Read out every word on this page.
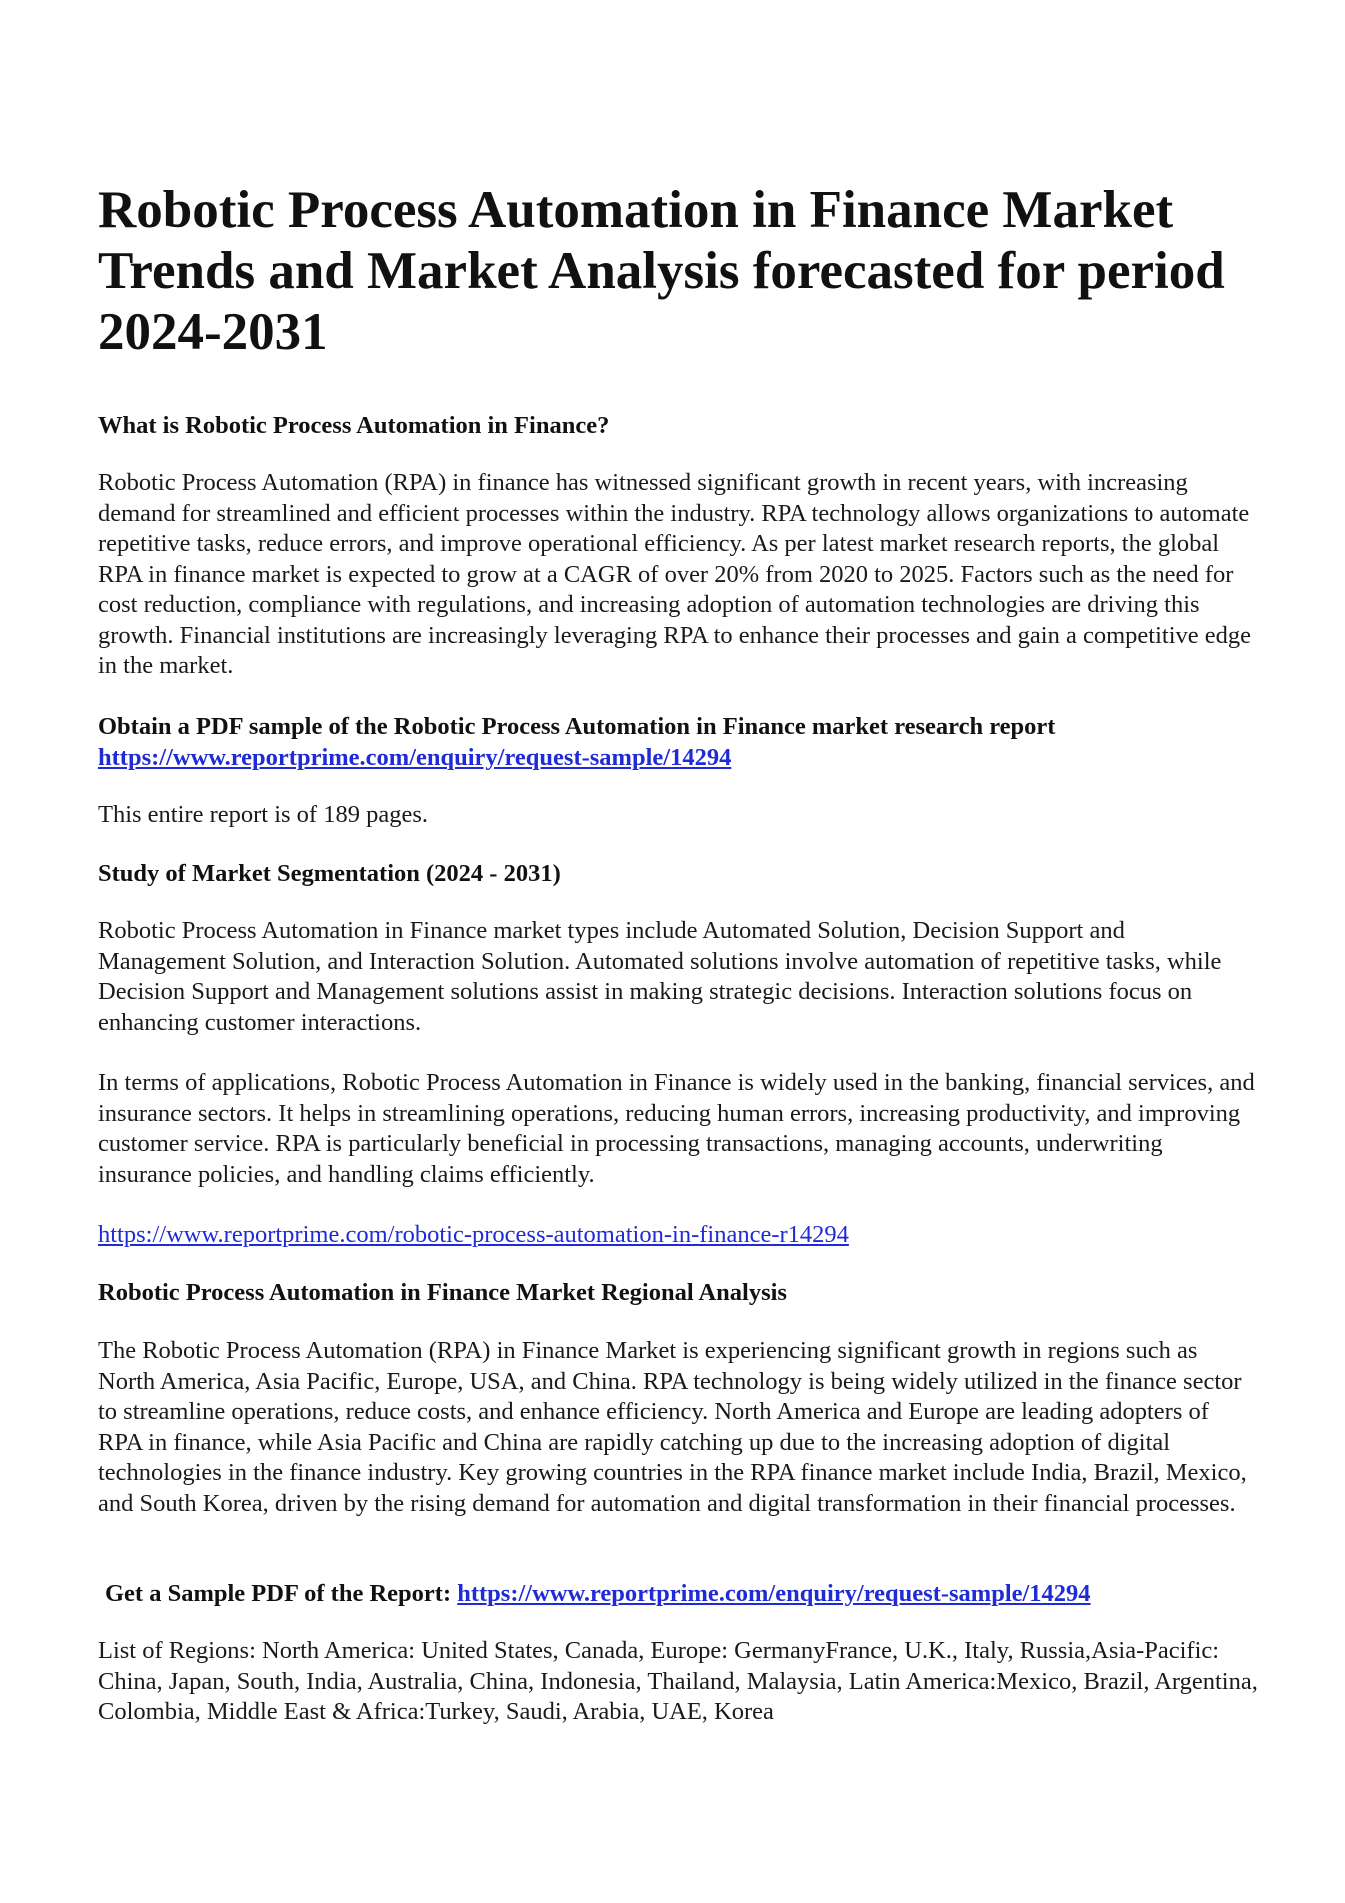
Robotic Process Automation in Finance Market Trends and Market Analysis forecasted for period 2024-2031
What is Robotic Process Automation in Finance?
Robotic Process Automation (RPA) in finance has witnessed significant growth in recent years, with increasing demand for streamlined and efficient processes within the industry. RPA technology allows organizations to automate repetitive tasks, reduce errors, and improve operational efficiency. As per latest market research reports, the global RPA in finance market is expected to grow at a CAGR of over 20% from 2020 to 2025. Factors such as the need for cost reduction, compliance with regulations, and increasing adoption of automation technologies are driving this growth. Financial institutions are increasingly leveraging RPA to enhance their processes and gain a competitive edge in the market.
Obtain a PDF sample of the Robotic Process Automation in Finance market research report https://www.reportprime.com/enquiry/request-sample/14294
This entire report is of 189 pages.
Study of Market Segmentation (2024 - 2031)
Robotic Process Automation in Finance market types include Automated Solution, Decision Support and Management Solution, and Interaction Solution. Automated solutions involve automation of repetitive tasks, while Decision Support and Management solutions assist in making strategic decisions. Interaction solutions focus on enhancing customer interactions.
In terms of applications, Robotic Process Automation in Finance is widely used in the banking, financial services, and insurance sectors. It helps in streamlining operations, reducing human errors, increasing productivity, and improving customer service. RPA is particularly beneficial in processing transactions, managing accounts, underwriting insurance policies, and handling claims efficiently.
https://www.reportprime.com/robotic-process-automation-in-finance-r14294
Robotic Process Automation in Finance Market Regional Analysis
The Robotic Process Automation (RPA) in Finance Market is experiencing significant growth in regions such as North America, Asia Pacific, Europe, USA, and China. RPA technology is being widely utilized in the finance sector to streamline operations, reduce costs, and enhance efficiency. North America and Europe are leading adopters of RPA in finance, while Asia Pacific and China are rapidly catching up due to the increasing adoption of digital technologies in the finance industry. Key growing countries in the RPA finance market include India, Brazil, Mexico, and South Korea, driven by the rising demand for automation and digital transformation in their financial processes.
Get a Sample PDF of the Report: https://www.reportprime.com/enquiry/request-sample/14294
List of Regions: North America: United States, Canada, Europe: GermanyFrance, U.K., Italy, Russia,Asia-Pacific: China, Japan, South, India, Australia, China, Indonesia, Thailand, Malaysia, Latin America:Mexico, Brazil, Argentina, Colombia, Middle East & Africa:Turkey, Saudi, Arabia, UAE, Korea
